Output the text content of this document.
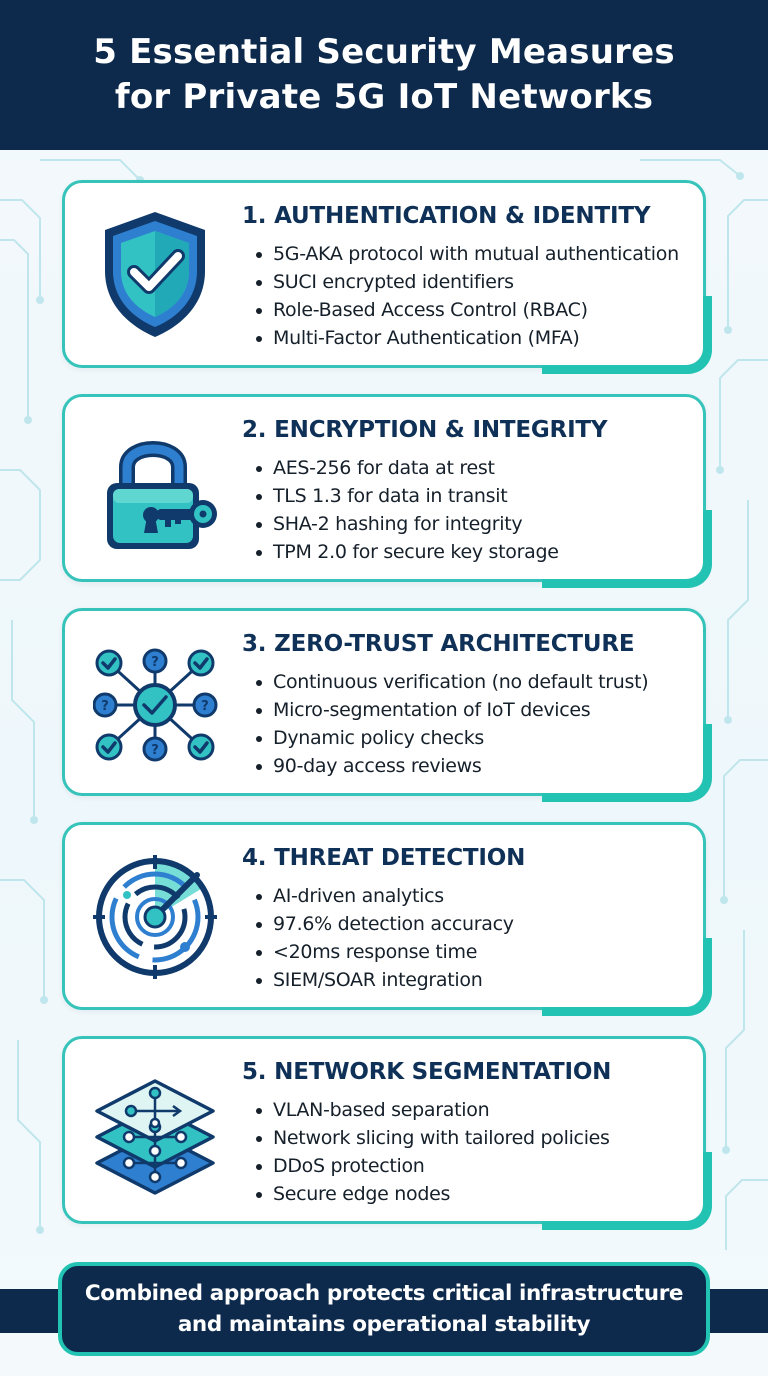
5 Essential Security Measures
for Private 5G IoT Networks
1. AUTHENTICATION & IDENTITY
5G-AKA protocol with mutual authentication
SUCI encrypted identifiers
Role-Based Access Control (RBAC)
Multi-Factor Authentication (MFA)
2. ENCRYPTION & INTEGRITY
AES-256 for data at rest
TLS 1.3 for data in transit
SHA-2 hashing for integrity
TPM 2.0 for secure key storage
?
?	?
?
3. ZERO-TRUST ARCHITECTURE
Continuous verification (no default trust)
Micro-segmentation of IoT devices
Dynamic policy checks
90-day access reviews
4. THREAT DETECTION
AI-driven analytics
97.6% detection accuracy
<20ms response time
SIEM/SOAR integration
5. NETWORK SEGMENTATION
VLAN-based separation
Network slicing with tailored policies
DDoS protection
Secure edge nodes
Combined approach protects critical infrastructure
and maintains operational stability
